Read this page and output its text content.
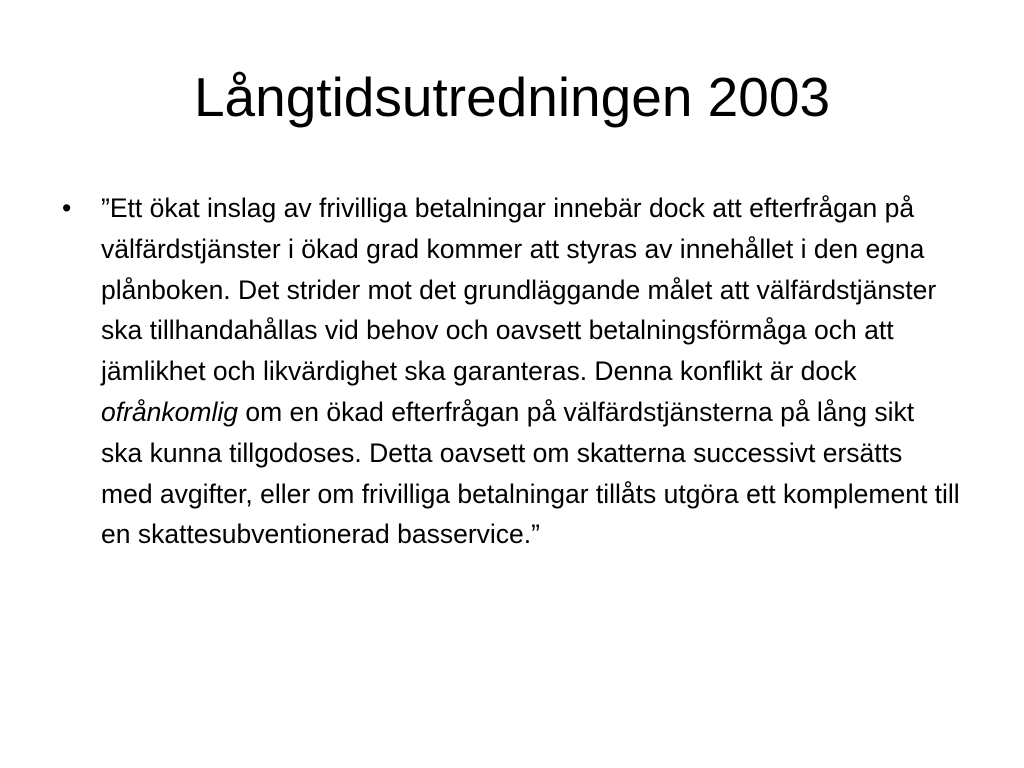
Långtidsutredningen 2003
• ”Ett ökat inslag av frivilliga betalningar innebär dock att efterfrågan på välfärdstjänster i ökad grad kommer att styras av innehållet i den egna plånboken. Det strider mot det grundläggande målet att välfärdstjänster ska tillhandahållas vid behov och oavsett betalningsförmåga och att jämlikhet och likvärdighet ska garanteras. Denna konflikt är dock ofrånkomlig om en ökad efterfrågan på välfärdstjänsterna på lång sikt ska kunna tillgodoses. Detta oavsett om skatterna successivt ersätts med avgifter, eller om frivilliga betalningar tillåts utgöra ett komplement till en skattesubventionerad basservice.”
